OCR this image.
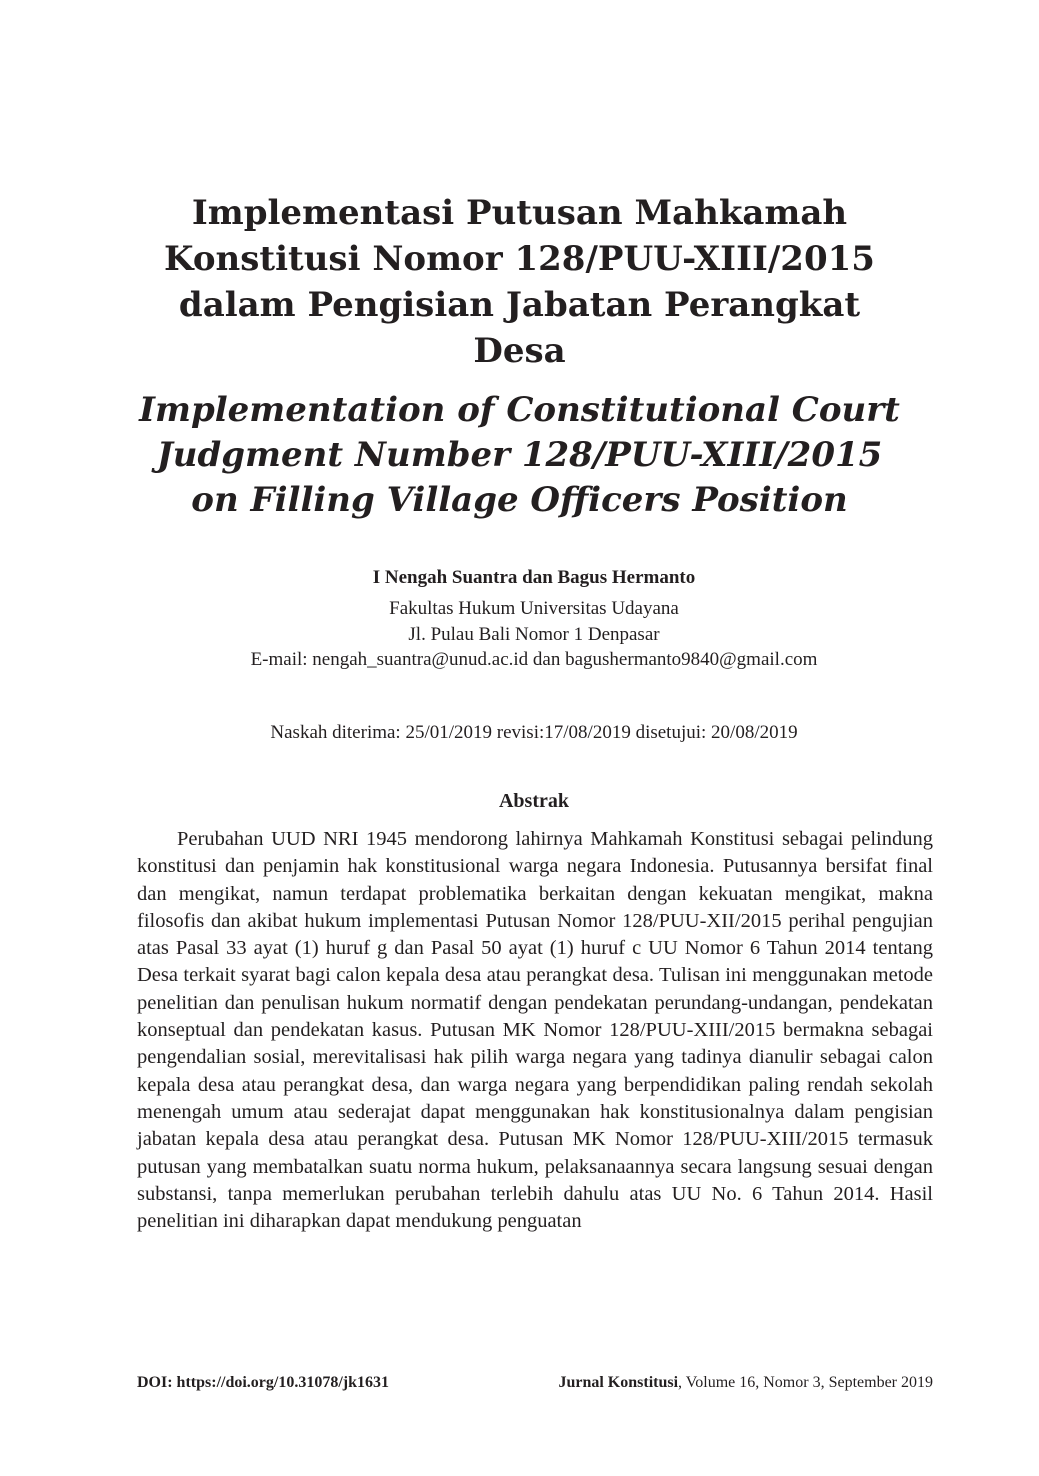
Implementasi Putusan Mahkamah
Konstitusi Nomor 128/PUU-XIII/2015
dalam Pengisian Jabatan Perangkat
Desa
Implementation of Constitutional Court
Judgment Number 128/PUU-XIII/2015
on Filling Village Officers Position
I Nengah Suantra dan Bagus Hermanto
Fakultas Hukum Universitas Udayana
Jl. Pulau Bali Nomor 1 Denpasar
E-mail: nengah_suantra@unud.ac.id dan bagushermanto9840@gmail.com
Naskah diterima: 25/01/2019 revisi:17/08/2019 disetujui: 20/08/2019
Abstrak

Perubahan UUD NRI 1945 mendorong lahirnya Mahkamah Konstitusi sebagai pelindung konstitusi dan penjamin hak konstitusional warga negara Indonesia. Putusannya bersifat final dan mengikat, namun terdapat problematika berkaitan dengan kekuatan mengikat, makna filosofis dan akibat hukum implementasi Putusan Nomor 128/PUU-XII/2015 perihal pengujian atas Pasal 33 ayat (1) huruf g dan Pasal 50 ayat (1) huruf c UU Nomor 6 Tahun 2014 tentang Desa terkait syarat bagi calon kepala desa atau perangkat desa. Tulisan ini menggunakan metode penelitian dan penulisan hukum normatif dengan pendekatan perundang-undangan, pendekatan konseptual dan pendekatan kasus. Putusan MK Nomor 128/PUU-XIII/2015 bermakna sebagai pengendalian sosial, merevitalisasi hak pilih warga negara yang tadinya dianulir sebagai calon kepala desa atau perangkat desa, dan warga negara yang berpendidikan paling rendah sekolah menengah umum atau sederajat dapat menggunakan hak konstitusionalnya dalam pengisian jabatan kepala desa atau perangkat desa. Putusan MK Nomor 128/PUU-XIII/2015 termasuk putusan yang membatalkan suatu norma hukum, pelaksanaannya secara langsung sesuai dengan substansi, tanpa memerlukan perubahan terlebih dahulu atas UU No. 6 Tahun 2014. Hasil penelitian ini diharapkan dapat mendukung penguatan

DOI: https://doi.org/10.31078/jk1631	Jurnal Konstitusi, Volume 16, Nomor 3, September 2019
